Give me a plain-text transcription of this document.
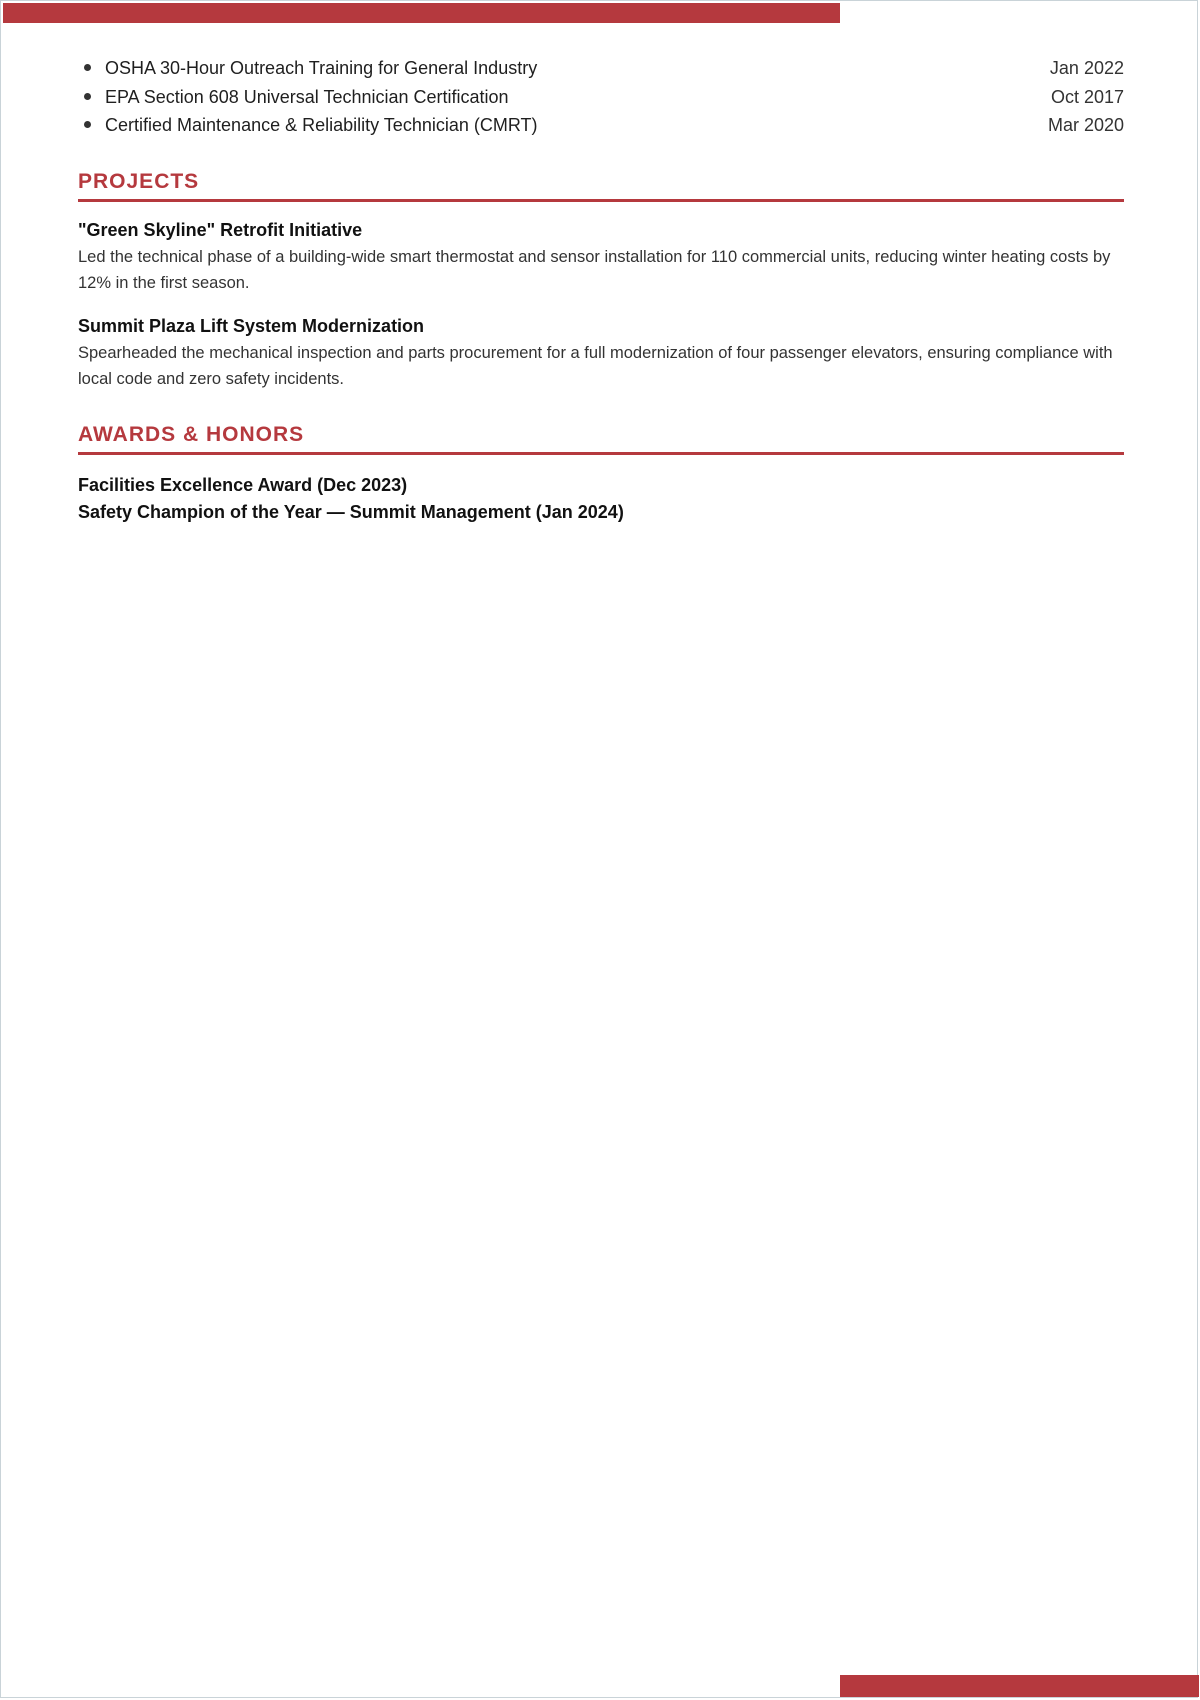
OSHA 30-Hour Outreach Training for General Industry	Jan 2022
EPA Section 608 Universal Technician Certification	Oct 2017
Certified Maintenance & Reliability Technician (CMRT)	Mar 2020
PROJECTS
"Green Skyline" Retrofit Initiative

Led the technical phase of a building-wide smart thermostat and sensor installation for 110 commercial units, reducing winter heating costs by 12% in the first season.

Summit Plaza Lift System Modernization

Spearheaded the mechanical inspection and parts procurement for a full modernization of four passenger elevators, ensuring compliance with local code and zero safety incidents.

AWARDS & HONORS
Facilities Excellence Award (Dec 2023)
Safety Champion of the Year — Summit Management (Jan 2024)
